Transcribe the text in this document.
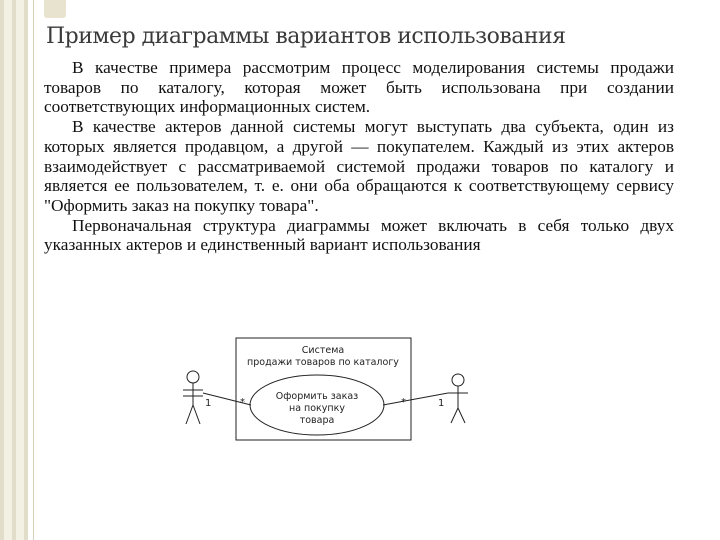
Пример диаграммы вариантов использования

В качестве примера рассмотрим процесс моделирования системы продажи товаров по каталогу, которая может быть использована при создании соответствующих информационных систем.

В качестве актеров данной системы могут выступать два субъекта, один из которых является продавцом, а другой — покупателем. Каждый из этих актеров взаимодействует с рассматриваемой системой продажи товаров по каталогу и является ее пользователем, т. е. они оба обращаются к соответствующему сервису "Оформить заказ на покупку товара".

Первоначальная структура диаграммы может включать в себя только двух указанных актеров и единственный вариант использования

Система
продажи товаров по каталогу
Оформить заказ
на покупку
товара
1	*	*	1
